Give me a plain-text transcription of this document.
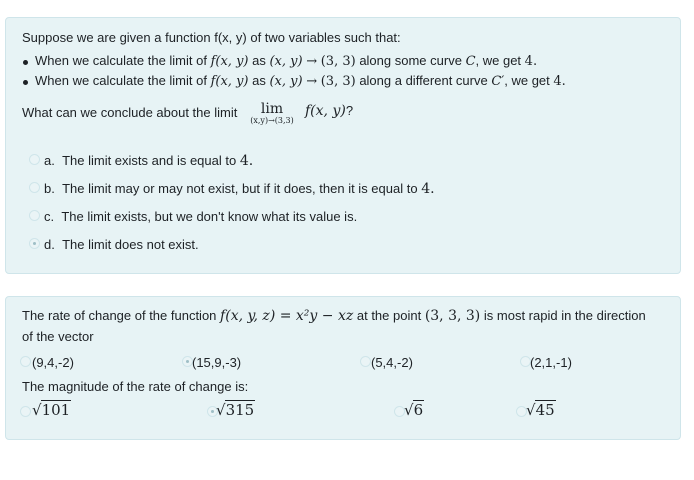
Suppose we are given a function f(x, y) of two variables such that:
When we calculate the limit of f(x, y) as (x, y) → (3, 3) along some curve C, we get 4.
When we calculate the limit of f(x, y) as (x, y) → (3, 3) along a different curve C′, we get 4.
What can we conclude about the limit	lim
(x,y)→(3,3)
f(x, y)?
a. The limit exists and is equal to 4.
b. The limit may or may not exist, but if it does, then it is equal to 4.
c. The limit exists, but we don't know what its value is.
d. The limit does not exist.
The rate of change of the function f(x, y, z) = x²y − xz at the point (3, 3, 3) is most rapid in the direction
of the vector
(9,4,-2)	(15,9,-3)	(5,4,-2)	(2,1,-1)
The magnitude of the rate of change is:
√101	√315	√6	√45
